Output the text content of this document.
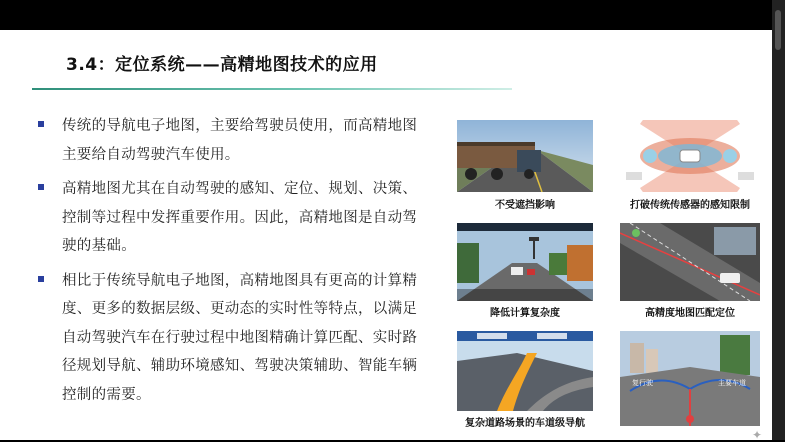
3.4：定位系统——高精地图技术的应用
传统的导航电子地图，主要给驾驶员使用，而高精地图主要给自动驾驶汽车使用。
高精地图尤其在自动驾驶的感知、定位、规划、决策、控制等过程中发挥重要作用。因此，高精地图是自动驾驶的基础。
相比于传统导航电子地图，高精地图具有更高的计算精度、更多的数据层级、更动态的实时性等特点，以满足自动驾驶汽车在行驶过程中地图精确计算匹配、实时路径规划导航、辅助环境感知、驾驶决策辅助、智能车辆控制的需要。
不受遮挡影响	打破传统传感器的感知限制
降低计算复杂度	高精度地图匹配定位
复杂道路场景的车道级导航
复行驶	主要车道
✦
